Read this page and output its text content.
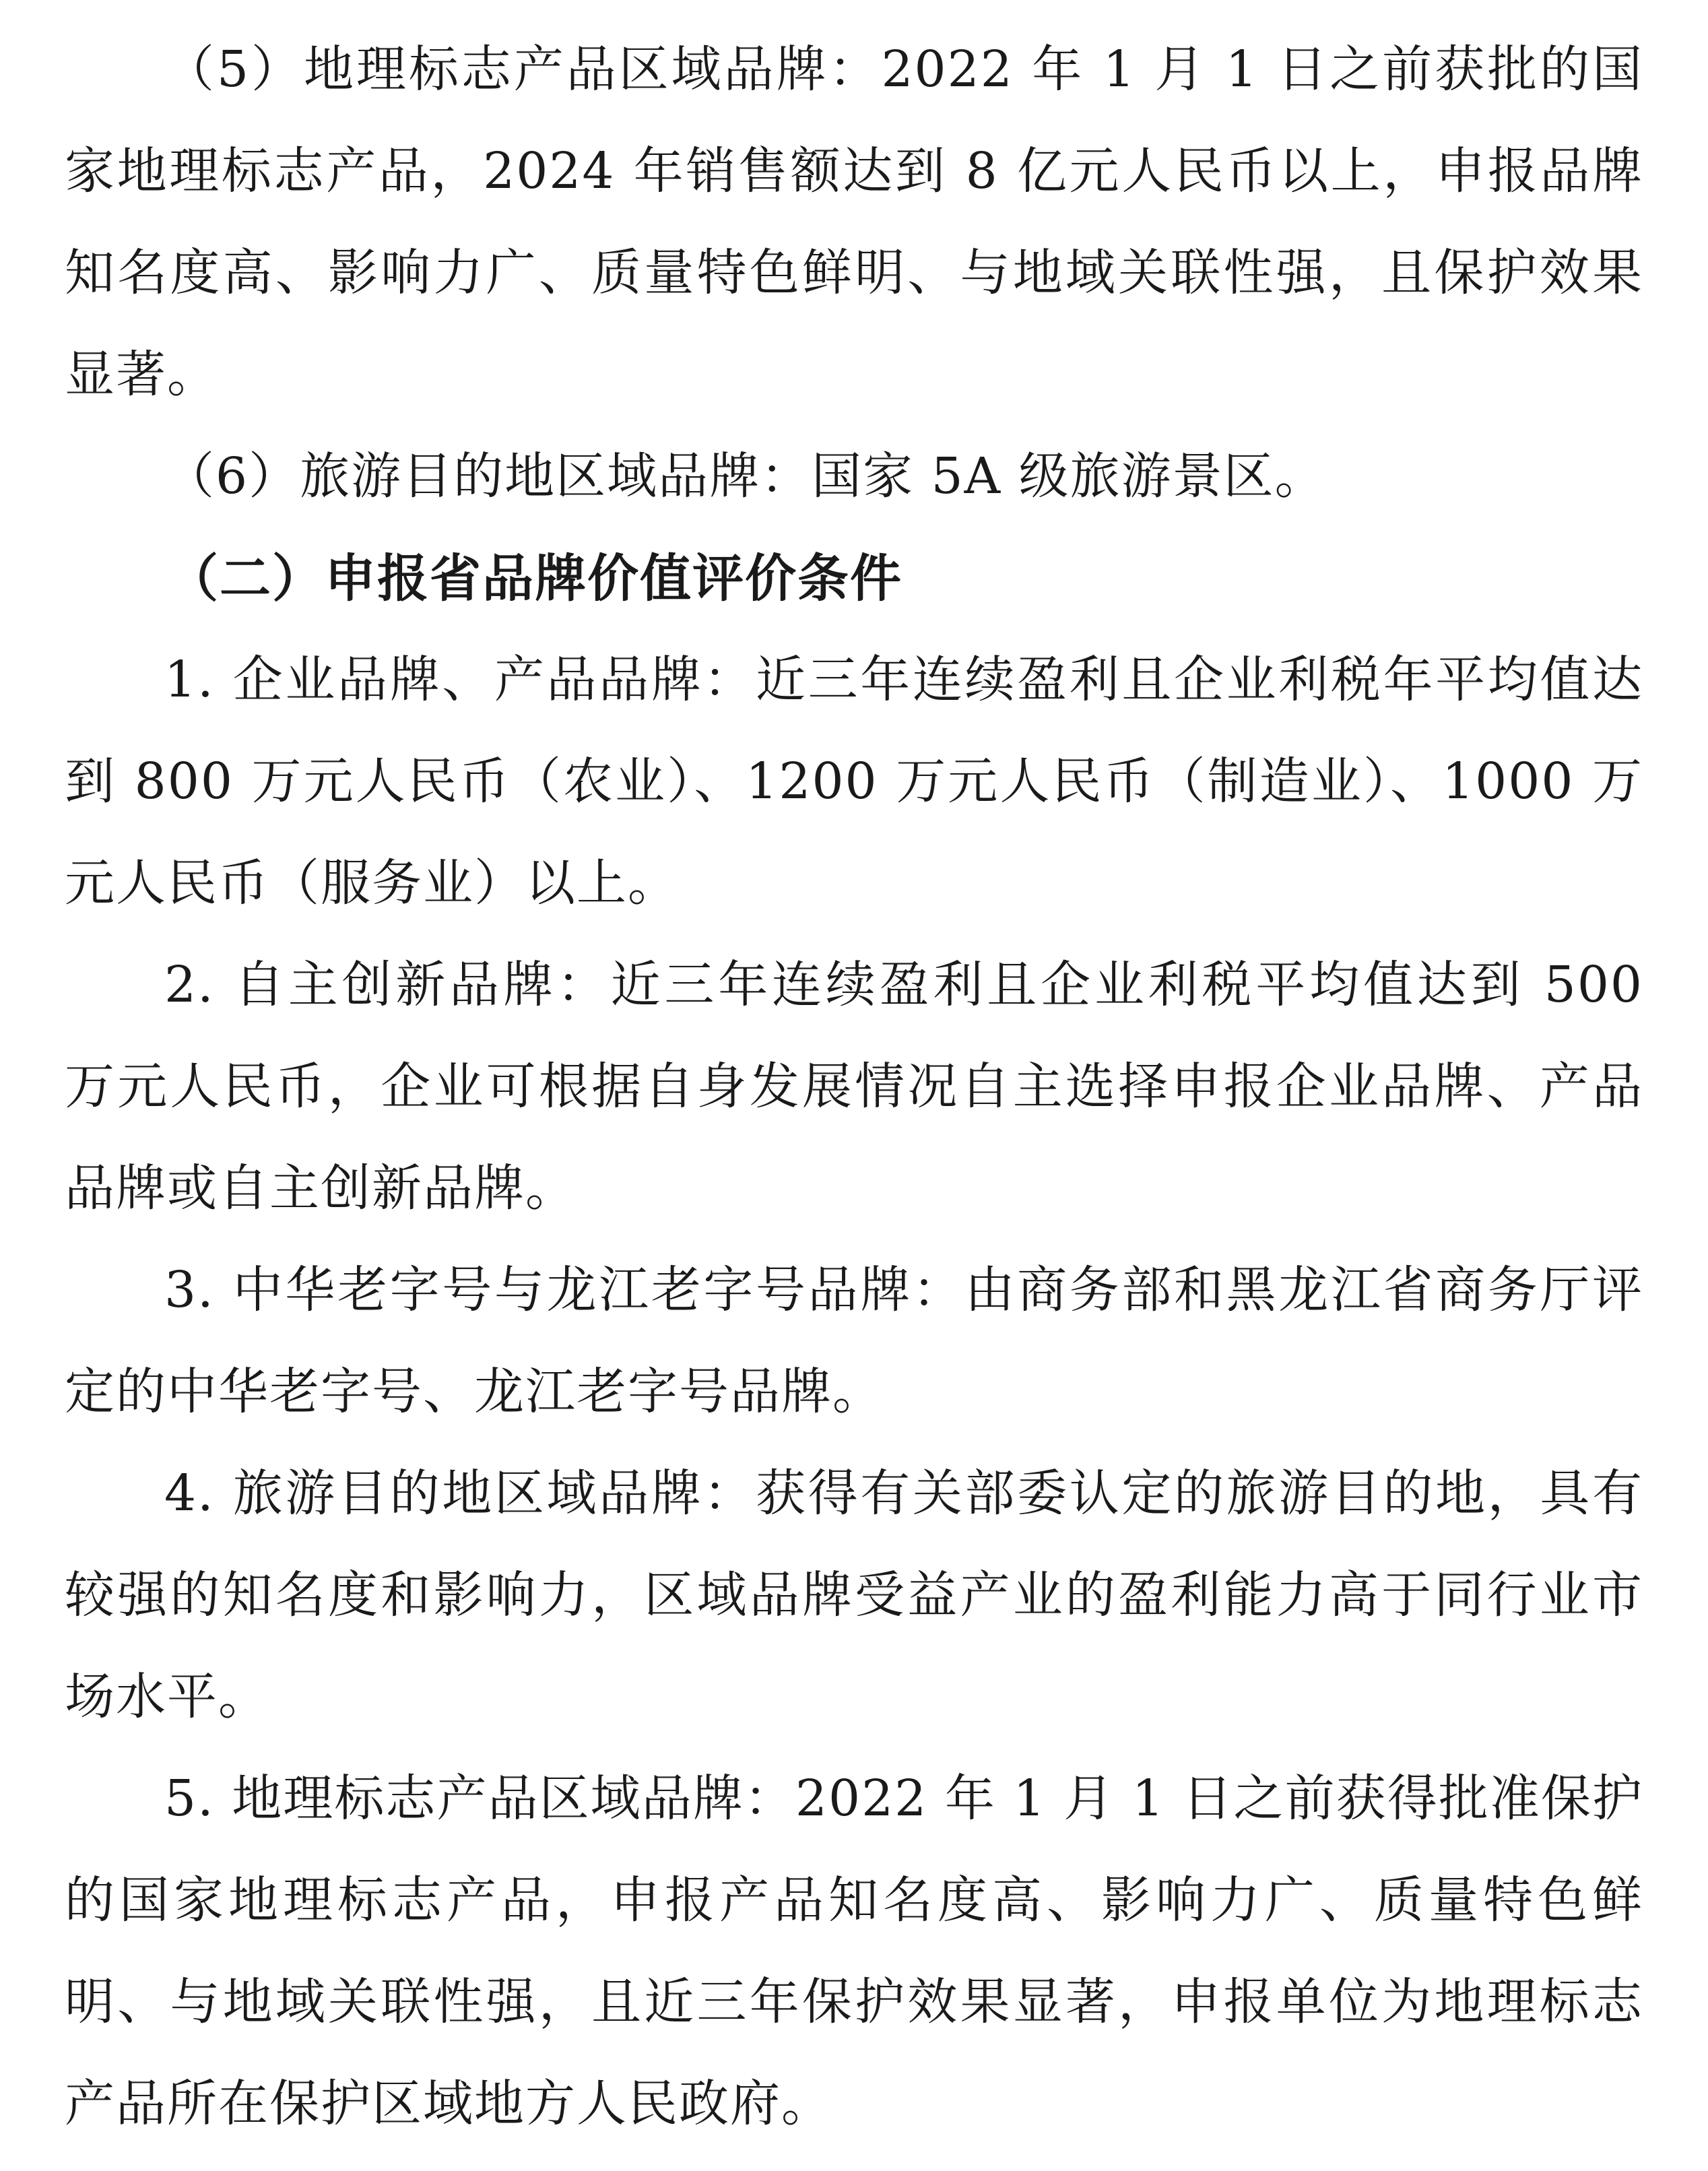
（5）地理标志产品区域品牌：2022 年 1 月 1 日之前获批的国家地理标志产品，2024 年销售额达到 8 亿元人民币以上，申报品牌知名度高、影响力广、质量特色鲜明、与地域关联性强，且保护效果显著。

（6）旅游目的地区域品牌：国家 5A 级旅游景区。

（二）申报省品牌价值评价条件

1. 企业品牌、产品品牌：近三年连续盈利且企业利税年平均值达到 800 万元人民币（农业）、1200 万元人民币（制造业）、1000 万元人民币（服务业）以上。

2. 自主创新品牌：近三年连续盈利且企业利税平均值达到 500 万元人民币，企业可根据自身发展情况自主选择申报企业品牌、产品品牌或自主创新品牌。

3. 中华老字号与龙江老字号品牌：由商务部和黑龙江省商务厅评定的中华老字号、龙江老字号品牌。

4. 旅游目的地区域品牌：获得有关部委认定的旅游目的地，具有较强的知名度和影响力，区域品牌受益产业的盈利能力高于同行业市场水平。

5. 地理标志产品区域品牌：2022 年 1 月 1 日之前获得批准保护的国家地理标志产品，申报产品知名度高、影响力广、质量特色鲜明、与地域关联性强，且近三年保护效果显著，申报单位为地理标志产品所在保护区域地方人民政府。
